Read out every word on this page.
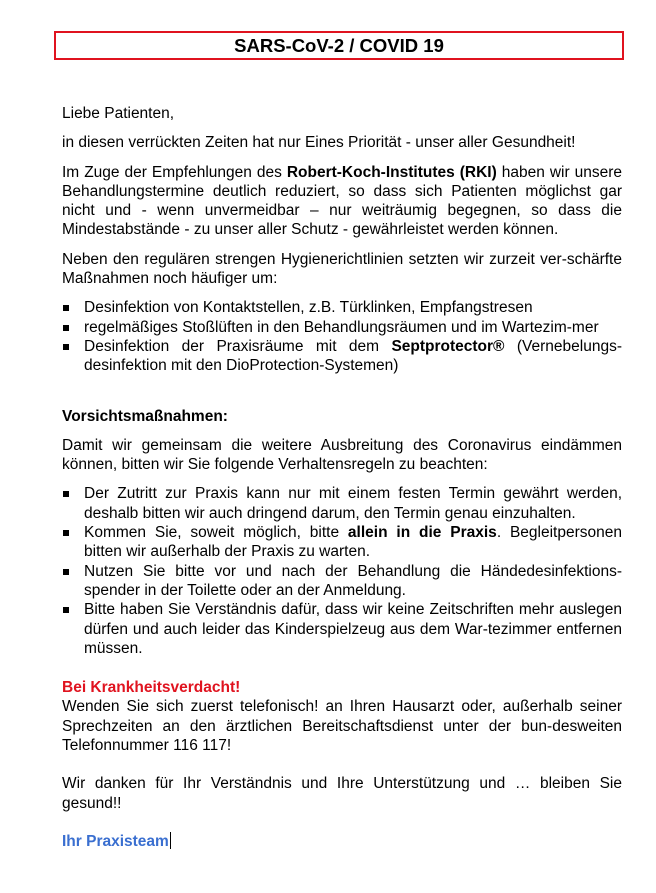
SARS-CoV-2 / COVID 19

Liebe Patienten,

in diesen verrückten Zeiten hat nur Eines Priorität - unser aller Gesundheit!

Im Zuge der Empfehlungen des Robert-Koch-Institutes (RKI) haben wir unsere Behandlungstermine deutlich reduziert, so dass sich Patienten möglichst gar nicht und - wenn unvermeidbar – nur weiträumig begegnen, so dass die Mindestabstände - zu unser aller Schutz - gewährleistet werden können.

Neben den regulären strengen Hygienerichtlinien setzten wir zurzeit ver-schärfte Maßnahmen noch häufiger um:

Desinfektion von Kontaktstellen, z.B. Türklinken, Empfangstresen
regelmäßiges Stoßlüften in den Behandlungsräumen und im Wartezim-mer
Desinfektion der Praxisräume mit dem Septprotector® (Vernebelungs-desinfektion mit den DioProtection-Systemen)
Vorsichtsmaßnahmen:

Damit wir gemeinsam die weitere Ausbreitung des Coronavirus eindämmen können, bitten wir Sie folgende Verhaltensregeln zu beachten:

Der Zutritt zur Praxis kann nur mit einem festen Termin gewährt werden, deshalb bitten wir auch dringend darum, den Termin genau einzuhalten.
Kommen Sie, soweit möglich, bitte allein in die Praxis. Begleitpersonen bitten wir außerhalb der Praxis zu warten.
Nutzen Sie bitte vor und nach der Behandlung die Händedesinfektions-spender in der Toilette oder an der Anmeldung.
Bitte haben Sie Verständnis dafür, dass wir keine Zeitschriften mehr auslegen dürfen und auch leider das Kinderspielzeug aus dem War-tezimmer entfernen müssen.
Bei Krankheitsverdacht!

Wenden Sie sich zuerst telefonisch! an Ihren Hausarzt oder, außerhalb seiner Sprechzeiten an den ärztlichen Bereitschaftsdienst unter der bun-desweiten Telefonnummer 116 117!

Wir danken für Ihr Verständnis und Ihre Unterstützung und … bleiben Sie gesund!!

Ihr Praxisteam
